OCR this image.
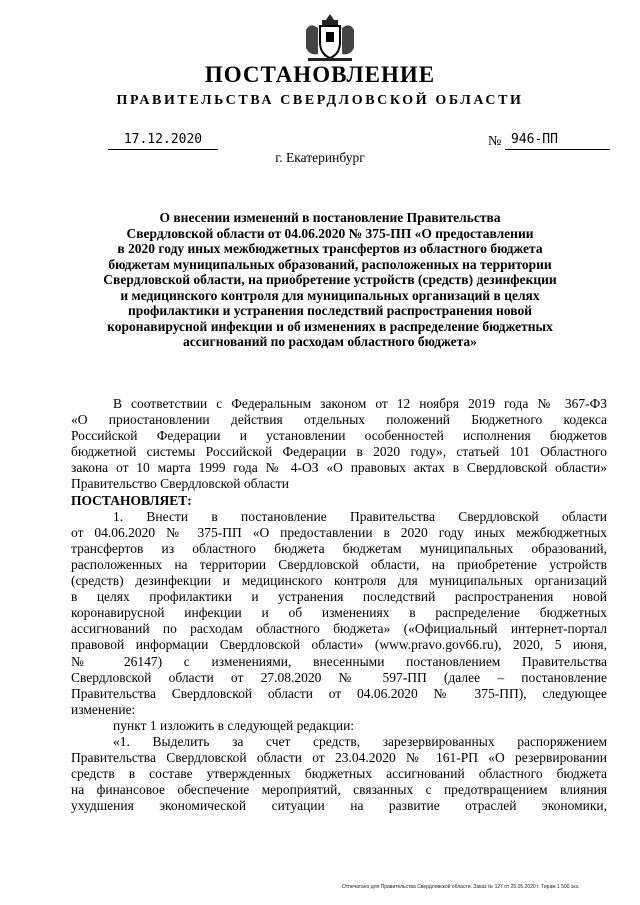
ПОСТАНОВЛЕНИЕ
ПРАВИТЕЛЬСТВА СВЕРДЛОВСКОЙ ОБЛАСТИ
17.12.2020	№ 946-ПП
г. Екатеринбург
О внесении изменений в постановление Правительства
Свердловской области от 04.06.2020 № 375-ПП «О предоставлении
в 2020 году иных межбюджетных трансфертов из областного бюджета
бюджетам муниципальных образований, расположенных на территории
Свердловской области, на приобретение устройств (средств) дезинфекции
и медицинского контроля для муниципальных организаций в целях
профилактики и устранения последствий распространения новой
коронавирусной инфекции и об изменениях в распределение бюджетных
ассигнований по расходам областного бюджета»
В соответствии с Федеральным законом от 12 ноября 2019 года № 367-ФЗ
«О приостановлении действия отдельных положений Бюджетного кодекса
Российской Федерации и установлении особенностей исполнения бюджетов
бюджетной системы Российской Федерации в 2020 году», статьей 101 Областного
закона от 10 марта 1999 года № 4-ОЗ «О правовых актах в Свердловской области»
Правительство Свердловской области
ПОСТАНОВЛЯЕТ:
1. Внести в постановление Правительства Свердловской области
от 04.06.2020 № 375-ПП «О предоставлении в 2020 году иных межбюджетных
трансфертов из областного бюджета бюджетам муниципальных образований,
расположенных на территории Свердловской области, на приобретение устройств
(средств) дезинфекции и медицинского контроля для муниципальных организаций
в целях профилактики и устранения последствий распространения новой
коронавирусной инфекции и об изменениях в распределение бюджетных
ассигнований по расходам областного бюджета» («Официальный интернет-портал
правовой информации Свердловской области» (www.pravo.gov66.ru), 2020, 5 июня,
№ 26147) с изменениями, внесенными постановлением Правительства
Свердловской области от 27.08.2020 № 597-ПП (далее – постановление
Правительства Свердловской области от 04.06.2020 № 375-ПП), следующее
изменение:
пункт 1 изложить в следующей редакции:
«1. Выделить за счет средств, зарезервированных распоряжением
Правительства Свердловской области от 23.04.2020 № 161-РП «О резервировании
средств в составе утвержденных бюджетных ассигнований областного бюджета
на финансовое обеспечение мероприятий, связанных с предотвращением влияния
ухудшения экономической ситуации на развитие отраслей экономики,
Отпечатано для Правительства Свердловской области. Заказ № 127 от 25.05.2020 г. Тираж 1 500 экз.
